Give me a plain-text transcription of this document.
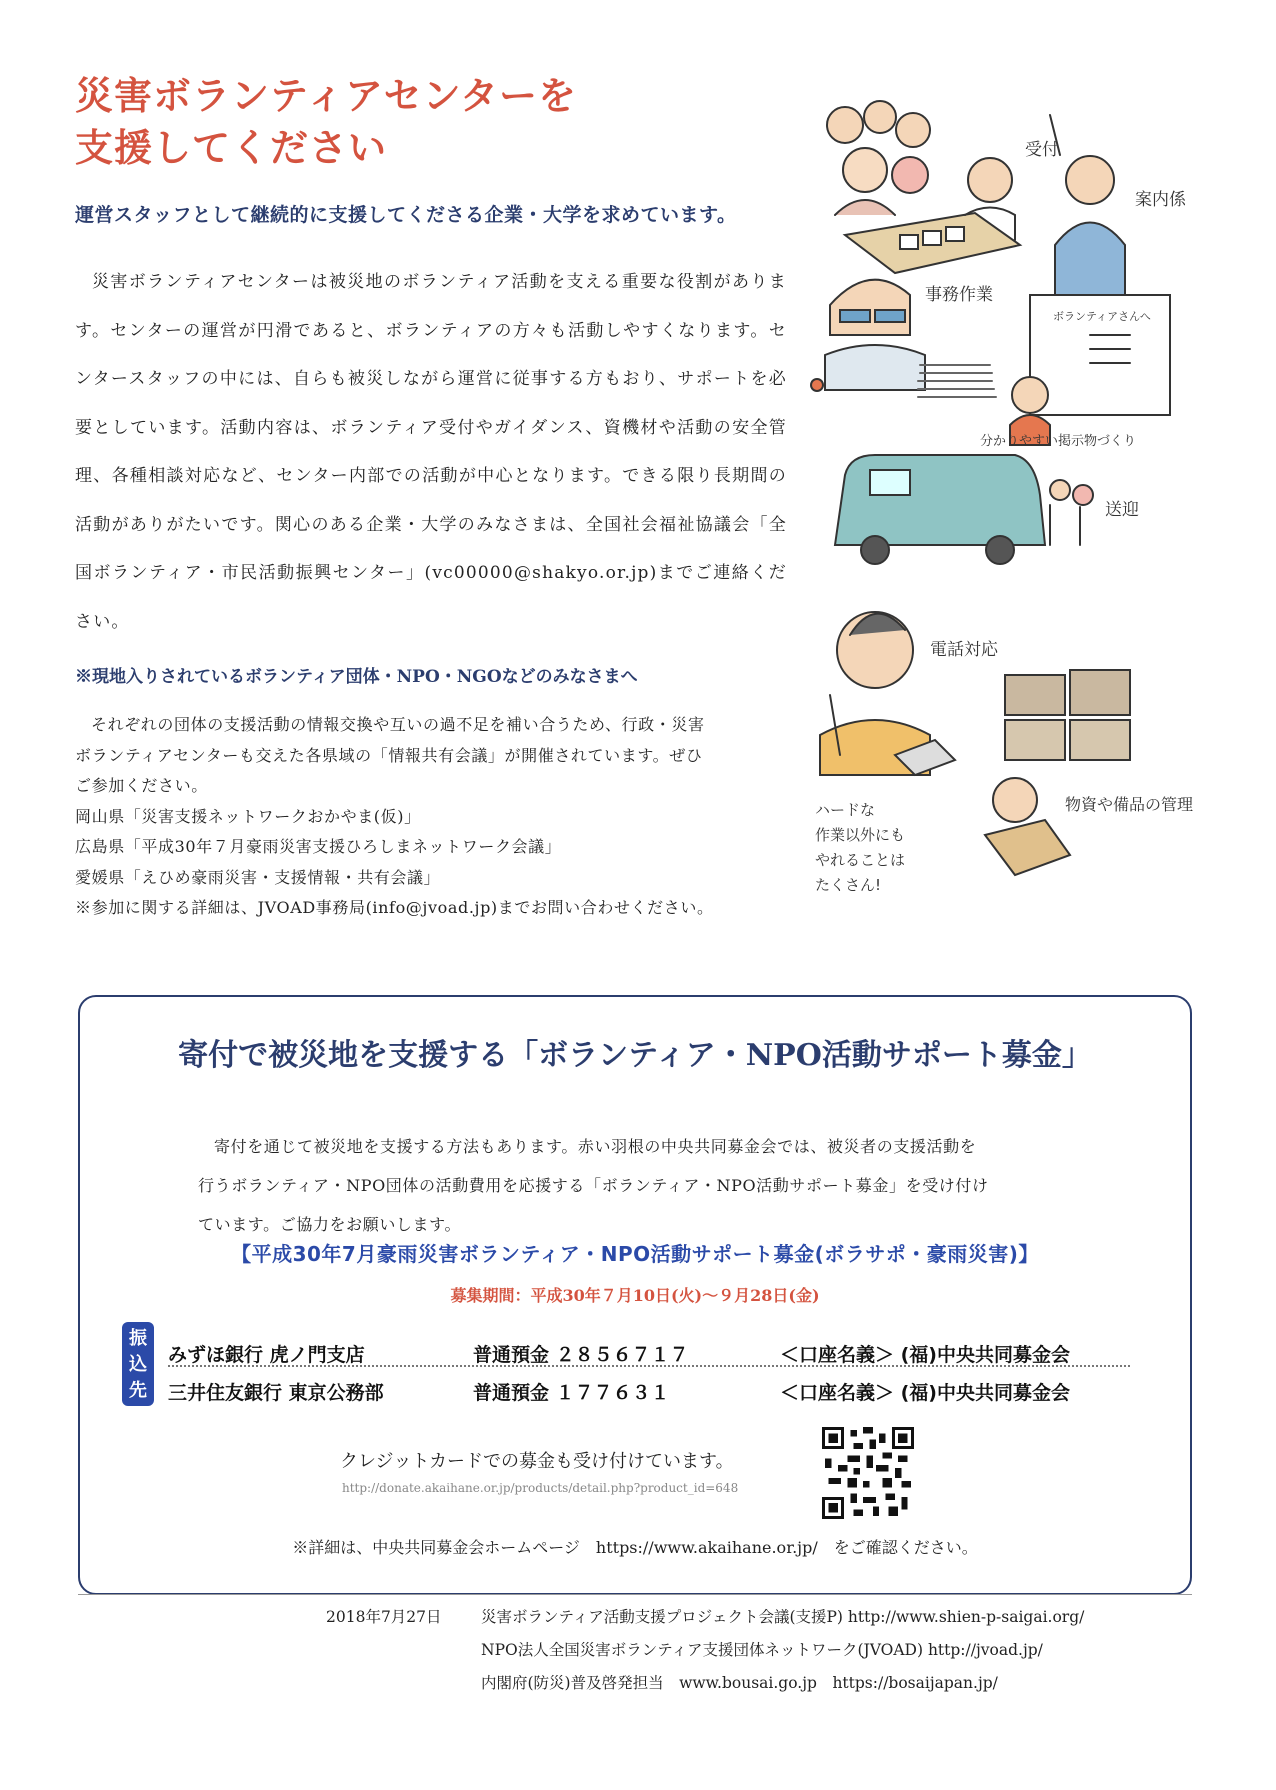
災害ボランティアセンターを
支援してください
運営スタッフとして継続的に支援してくださる企業・大学を求めています。

災害ボランティアセンターは被災地のボランティア活動を支える重要な役割があります。センターの運営が円滑であると、ボランティアの方々も活動しやすくなります。センタースタッフの中には、自らも被災しながら運営に従事する方もおり、サポートを必要としています。活動内容は、ボランティア受付やガイダンス、資機材や活動の安全管理、各種相談対応など、センター内部での活動が中心となります。できる限り長期間の活動がありがたいです。関心のある企業・大学のみなさまは、全国社会福祉協議会「全国ボランティア・市民活動振興センター」(vc00000@shakyo.or.jp)までご連絡ください。

※現地入りされているボランティア団体・NPO・NGOなどのみなさまへ
それぞれの団体の支援活動の情報交換や互いの過不足を補い合うため、行政・災害
ボランティアセンターも交えた各県域の「情報共有会議」が開催されています。ぜひ
ご参加ください。
岡山県「災害支援ネットワークおかやま(仮)」
広島県「平成30年７月豪雨災害支援ひろしまネットワーク会議」
愛媛県「えひめ豪雨災害・支援情報・共有会議」
※参加に関する詳細は、JVOAD事務局(info@jvoad.jp)までお問い合わせください。
受付
案内係
事務作業
ボランティアさんへ
分かりやすい掲示物づくり
送迎
電話対応
物資や備品の管理
ハードな
作業以外にも
やれることは
たくさん!
寄付で被災地を支援する「ボランティア・NPO活動サポート募金」
寄付を通じて被災地を支援する方法もあります。赤い羽根の中央共同募金会では、被災者の支援活動を
行うボランティア・NPO団体の活動費用を応援する「ボランティア・NPO活動サポート募金」を受け付け
ています。ご協力をお願いします。
【平成30年7月豪雨災害ボランティア・NPO活動サポート募金(ボラサポ・豪雨災害)】
募集期間：平成30年７月10日(火)～９月28日(金)
振込先
みずほ銀行 虎ノ門支店	普通預金 ２８５６７１７	＜口座名義＞ (福)中央共同募金会
三井住友銀行 東京公務部	普通預金 １７７６３１	＜口座名義＞ (福)中央共同募金会
クレジットカードでの募金も受け付けています。
http://donate.akaihane.or.jp/products/detail.php?product_id=648
※詳細は、中央共同募金会ホームページ　https://www.akaihane.or.jp/　をご確認ください。
2018年7月27日	災害ボランティア活動支援プロジェクト会議(支援P) http://www.shien-p-saigai.org/
NPO法人全国災害ボランティア支援団体ネットワーク(JVOAD) http://jvoad.jp/
内閣府(防災)普及啓発担当　www.bousai.go.jp　https://bosaijapan.jp/
